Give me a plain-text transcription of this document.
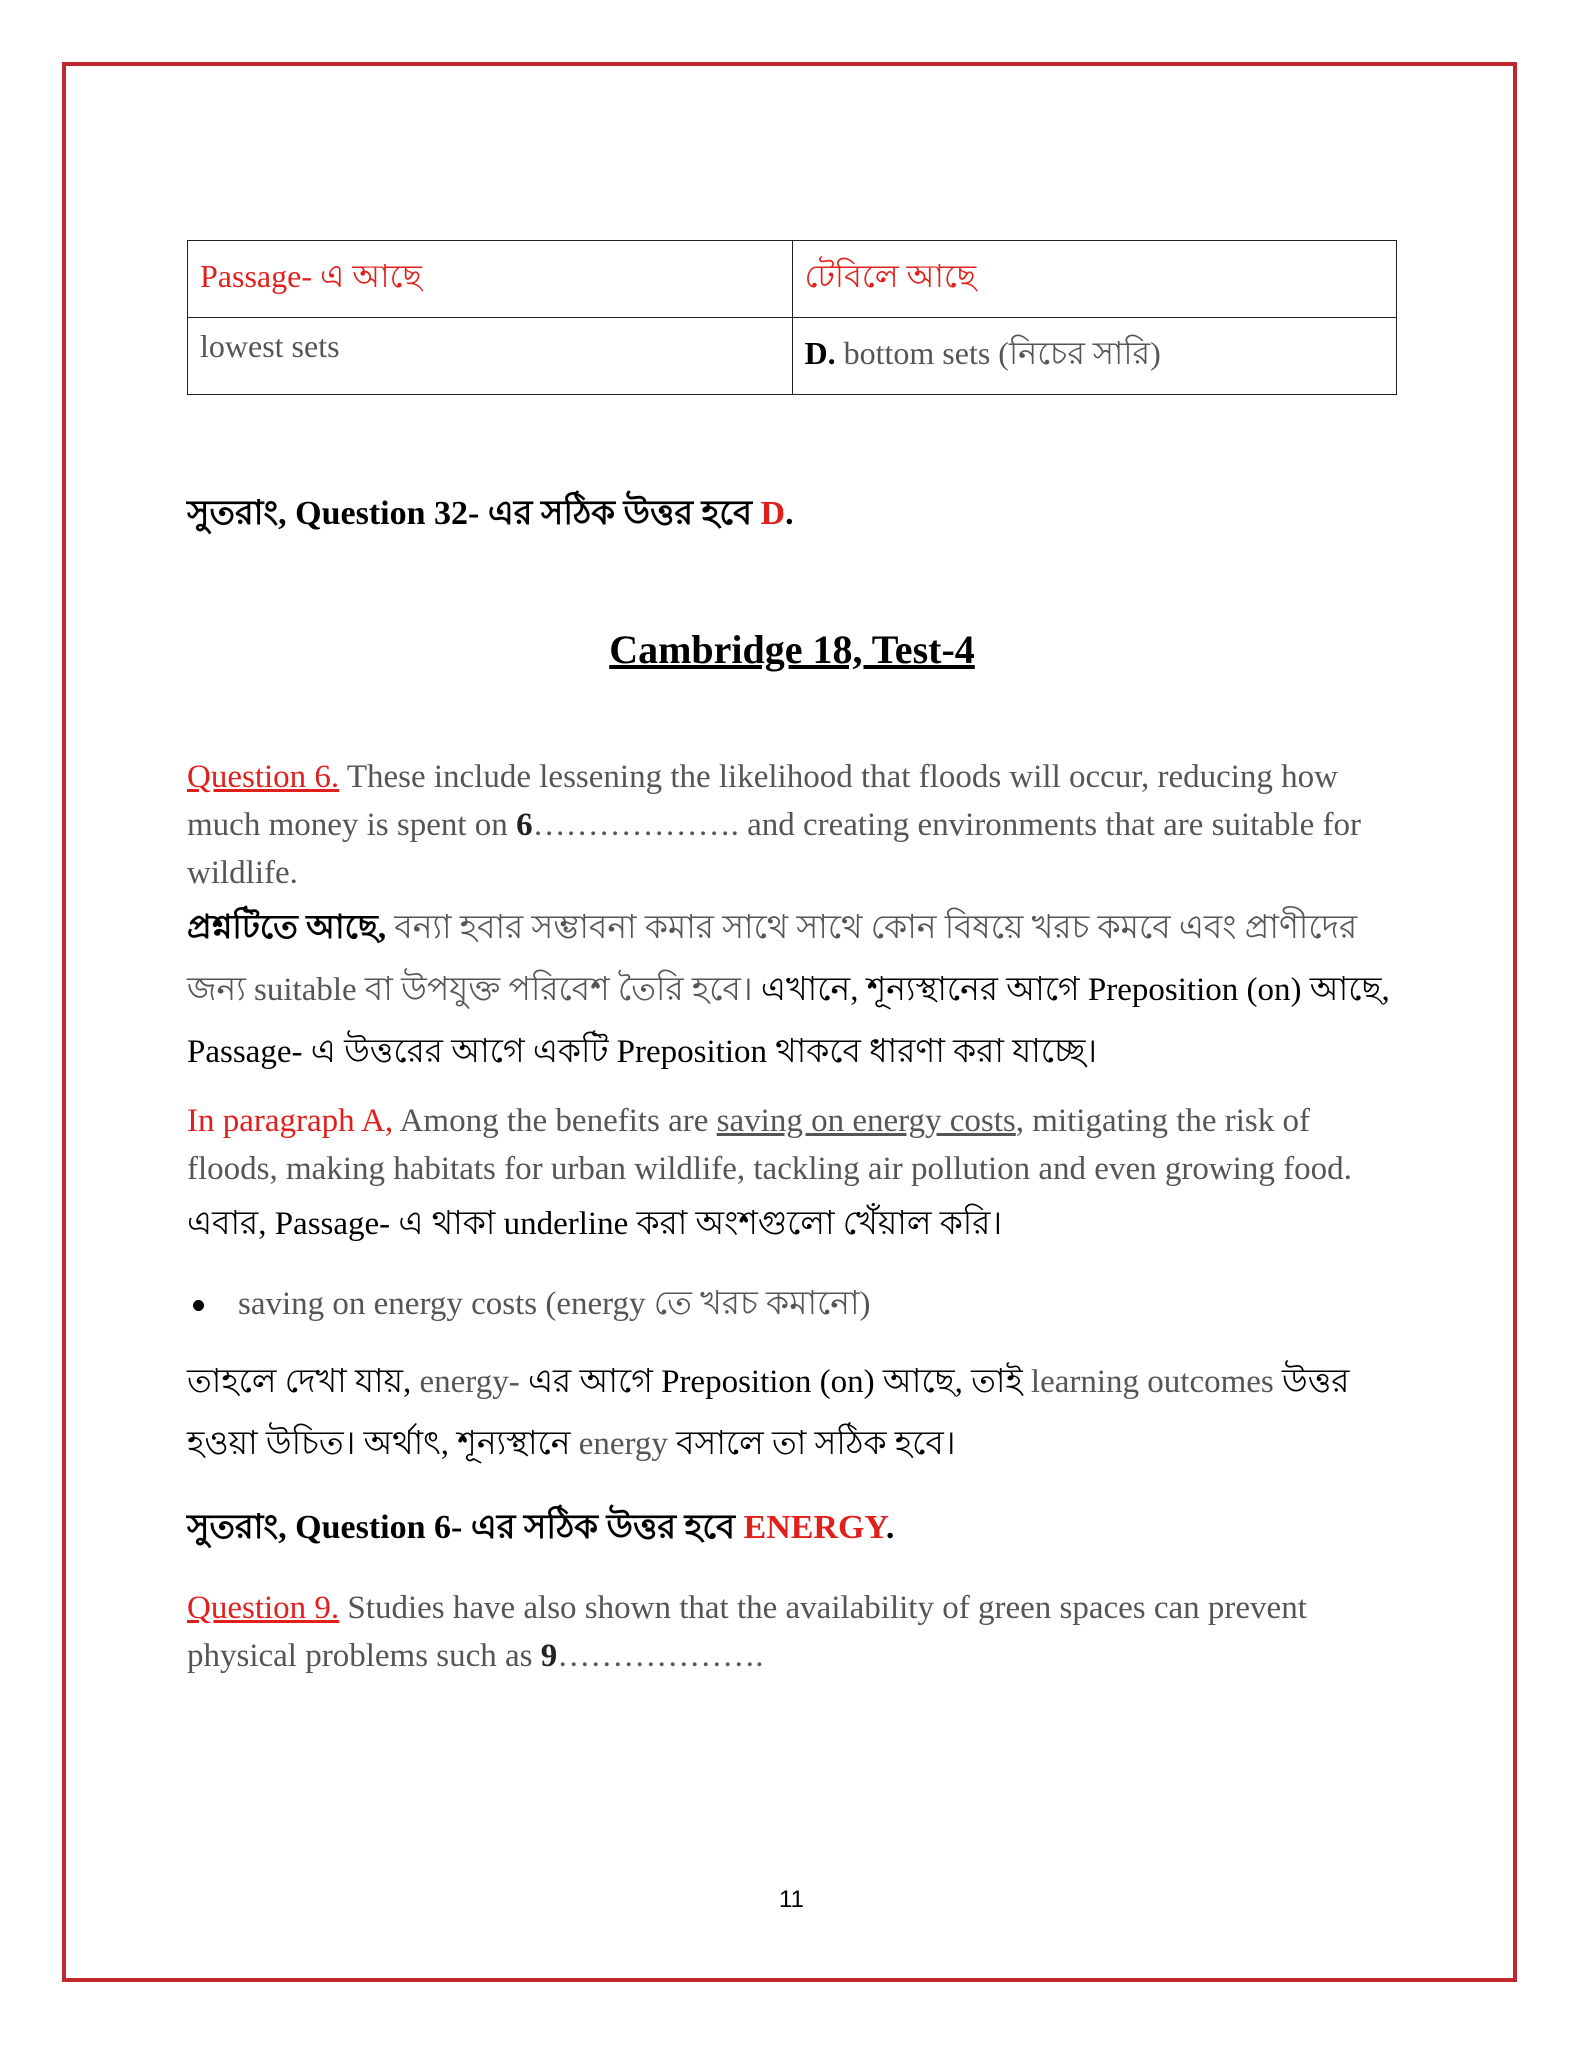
Passage- এ আছে	টেবিলে আছে
lowest sets	D. bottom sets (নিচের সারি)

সুতরাং, Question 32- এর সঠিক উত্তর হবে D.

Cambridge 18, Test-4

Question 6. These include lessening the likelihood that floods will occur, reducing how much money is spent on 6………………. and creating environments that are suitable for wildlife.

প্রশ্নটিতে আছে, বন্যা হবার সম্ভাবনা কমার সাথে সাথে কোন বিষয়ে খরচ কমবে এবং প্রাণীদের জন্য suitable বা উপযুক্ত পরিবেশ তৈরি হবে। এখানে, শূন্যস্থানের আগে Preposition (on) আছে, Passage- এ উত্তরের আগে একটি Preposition থাকবে ধারণা করা যাচ্ছে।

In paragraph A, Among the benefits are saving on energy costs, mitigating the risk of floods, making habitats for urban wildlife, tackling air pollution and even growing food.

এবার, Passage- এ থাকা underline করা অংশগুলো খেঁয়াল করি।

saving on energy costs (energy তে খরচ কমানো)

তাহলে দেখা যায়, energy- এর আগে Preposition (on) আছে, তাই learning outcomes উত্তর হওয়া উচিত। অর্থাৎ, শূন্যস্থানে energy বসালে তা সঠিক হবে।

সুতরাং, Question 6- এর সঠিক উত্তর হবে ENERGY.

Question 9. Studies have also shown that the availability of green spaces can prevent physical problems such as 9……………….

11
